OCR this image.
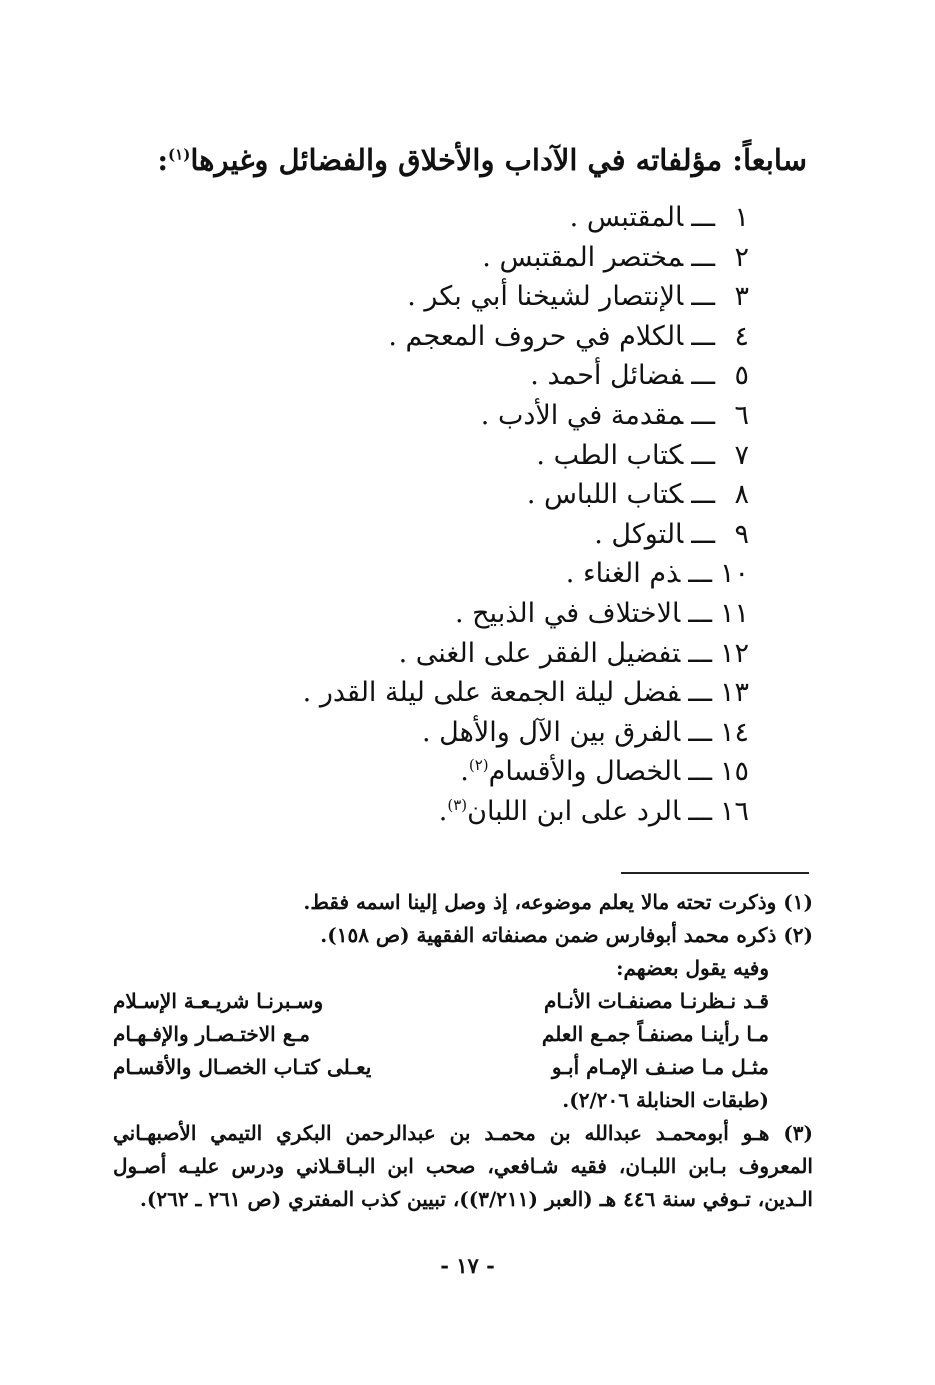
سابعاً: مؤلفاته في الآداب والأخلاق والفضائل وغيرها$^{(١)}$:
١ـــالمقتبس .
٢ـــمختصر المقتبس .
٣ـــالإنتصار لشيخنا أبي بكر .
٤ـــالكلام في حروف المعجم .
٥ـــفضائل أحمد .
٦ـــمقدمة في الأدب .
٧ـــكتاب الطب .
٨ـــكتاب اللباس .
٩ـــالتوكل .
١٠ـــذم الغناء .
١١ـــالاختلاف في الذبيح .
١٢ـــتفضيل الفقر على الغنى .
١٣ـــفضل ليلة الجمعة على ليلة القدر .
١٤ـــالفرق بين الآل والأهل .
١٥ـــالخصال والأقسام$^{(٢)}$.
١٦ـــالرد على ابن اللبان$^{(٣)}$.
(١) وذكرت تحته مالا يعلم موضوعه، إذ وصل إلينا اسمه فقط.
(٢) ذكره محمد أبوفارس ضمن مصنفاته الفقهية (ص ١٥٨).
وفيه يقول بعضهم:
قـد نـظرنـا مصنفـات الأنـام
وسـبرنـا شريـعـة الإسـلام
مـا رأينـا مصنفـاً جمـع العلم
مـع الاختـصـار والإفـهـام
مثـل مـا صنـف الإمـام أبـو
يعـلى كتـاب الخصـال والأقسـام
(طبقات الحنابلة ٢/٢٠٦).
(٣) هـو أبومحمـد عبدالله بن محمـد بن عبدالرحمن البكري التيمي الأصبهـاني المعروف بـابن اللبـان، فقيه شـافعي، صحب ابن البـاقـلاني ودرس عليـه أصـول الـدين، تـوفي سنة ٤٤٦ هـ (العبر (٣/٢١١))، تبيين كذب المفتري (ص ٢٦١ ـ ٢٦٢).
- ١٧ -
